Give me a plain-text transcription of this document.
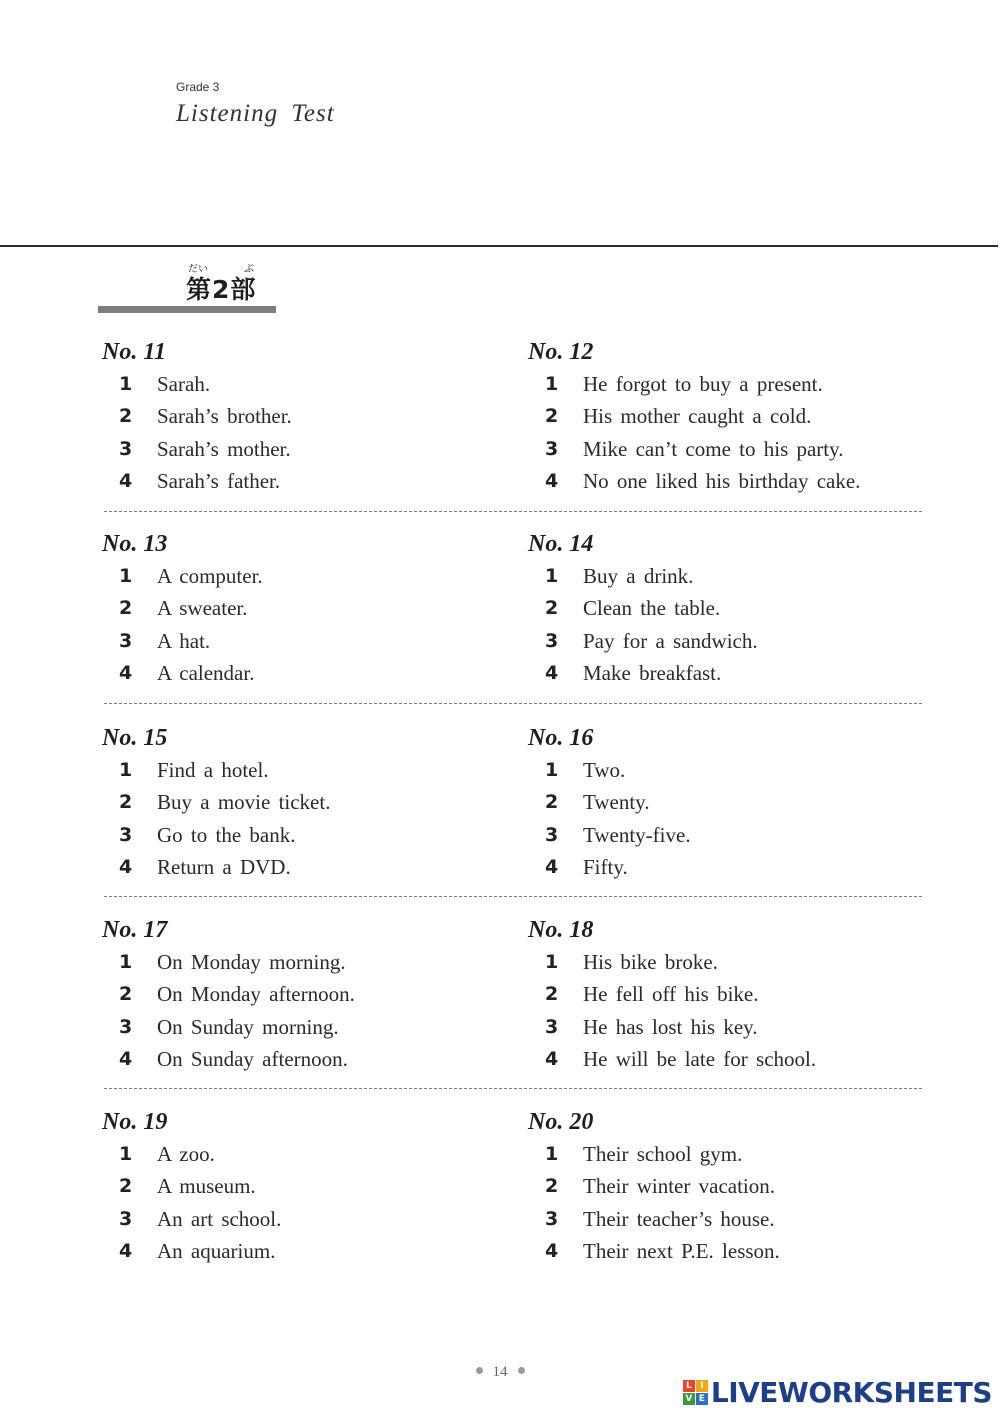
Grade 3
Listening Test
だい	ぶ
第2部
No. 11
1	Sarah.
2	Sarah’s brother.
3	Sarah’s mother.
4	Sarah’s father.
No. 12
1	He forgot to buy a present.
2	His mother caught a cold.
3	Mike can’t come to his party.
4	No one liked his birthday cake.
No. 13
1	A computer.
2	A sweater.
3	A hat.
4	A calendar.
No. 14
1	Buy a drink.
2	Clean the table.
3	Pay for a sandwich.
4	Make breakfast.
No. 15
1	Find a hotel.
2	Buy a movie ticket.
3	Go to the bank.
4	Return a DVD.
No. 16
1	Two.
2	Twenty.
3	Twenty-five.
4	Fifty.
No. 17
1	On Monday morning.
2	On Monday afternoon.
3	On Sunday morning.
4	On Sunday afternoon.
No. 18
1	His bike broke.
2	He fell off his bike.
3	He has lost his key.
4	He will be late for school.
No. 19
1	A zoo.
2	A museum.
3	An art school.
4	An aquarium.
No. 20
1	Their school gym.
2	Their winter vacation.
3	Their teacher’s house.
4	Their next P.E. lesson.
14
L I
V E LIVEWORKSHEETS
